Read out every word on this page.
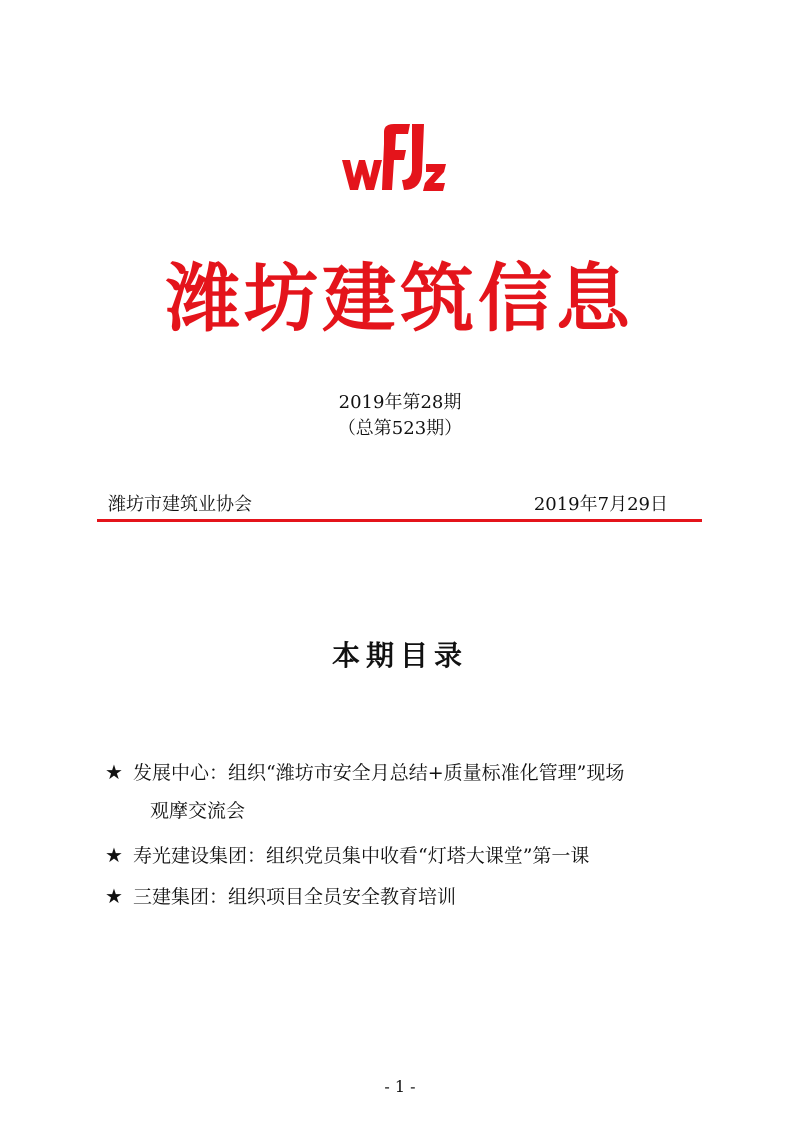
潍坊建筑信息
2019年第28期
（总第523期）
潍坊市建筑业协会	2019年7月29日
本期目录
★ 发展中心：组织“潍坊市安全月总结+质量标准化管理”现场
观摩交流会
★ 寿光建设集团：组织党员集中收看“灯塔大课堂”第一课
★ 三建集团：组织项目全员安全教育培训
- 1 -
